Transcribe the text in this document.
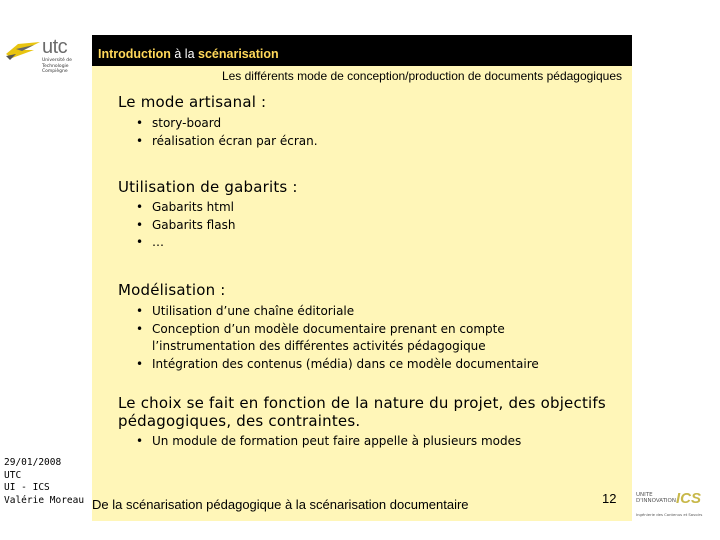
utc
Université de Technologie Compiègne
Introduction à la scénarisation
Les différents mode de conception/production de documents pédagogiques
Le mode artisanal :
• story-board
• réalisation écran par écran.
Utilisation de gabarits :
• Gabarits html
• Gabarits flash
• …
Modélisation :
• Utilisation d’une chaîne éditoriale
• Conception d’un modèle documentaire prenant en compte l’instrumentation des différentes activités pédagogique
• Intégration des contenus (média) dans ce modèle documentaire
Le choix se fait en fonction de la nature du projet, des objectifs pédagogiques, des contraintes.
• Un module de formation peut faire appelle à plusieurs modes
29/01/2008
UTC
UI - ICS
Valérie Moreau De la scénarisation pédagogique à la scénarisation documentaire	12	UNITE
D'INNOVATION ICS
Ingénierie des Contenus et Savoirs
